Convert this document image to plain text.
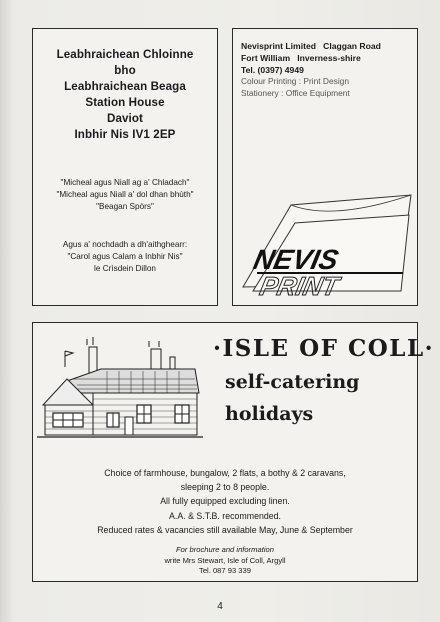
Leabhraichean Chloinne
bho
Leabhraichean Beaga
Station House
Daviot
Inbhir Nis IV1 2EP
"Micheal agus Niall ag a' Chladach"
"Micheal agus Niall a' dol dhan bhùth"
"Beagan Spòrs"
Agus a' nochdadh a dh'aithghearr:
"Carol agus Calam a Inbhir Nis"
le Crìsdein Dillon
Nevisprint Limited   Claggan Road
Fort William   Inverness-shire
Tel. (0397) 4949
Colour Printing : Print Design
Stationery : Office Equipment
NEVIS
PRINT
·ISLE OF COLL·
self-catering
holidays
Choice of farmhouse, bungalow, 2 flats, a bothy & 2 caravans,
sleeping 2 to 8 people.
All fully equipped excluding linen.
A.A. & S.T.B. recommended.
Reduced rates & vacancies still available May, June & September
For brochure and information
write Mrs Stewart, Isle of Coll, Argyll
Tel. 087 93 339
4
